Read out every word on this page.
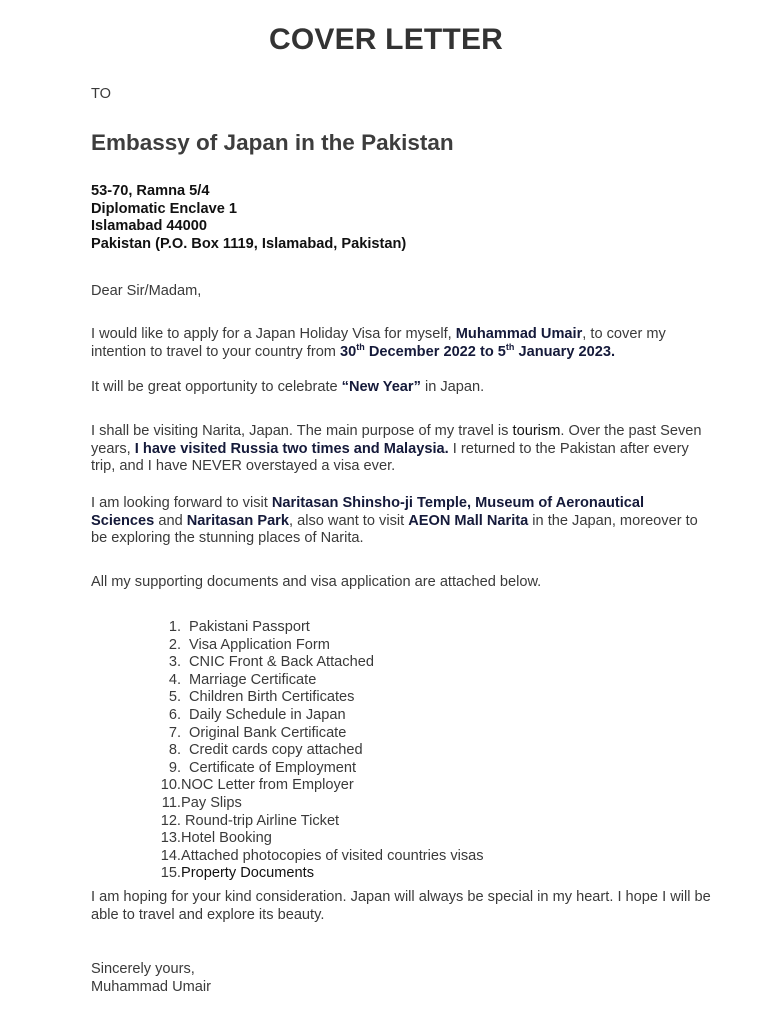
COVER LETTER
TO
Embassy of Japan in the Pakistan
53-70, Ramna 5/4
Diplomatic Enclave 1
Islamabad 44000
Pakistan (P.O. Box 1119, Islamabad, Pakistan)
Dear Sir/Madam,
I would like to apply for a Japan Holiday Visa for myself, Muhammad Umair, to cover my intention to travel to your country from 30th December 2022 to 5th January 2023.
It will be great opportunity to celebrate “New Year” in Japan.
I shall be visiting Narita, Japan. The main purpose of my travel is tourism. Over the past Seven years, I have visited Russia two times and Malaysia. I returned to the Pakistan after every trip, and I have NEVER overstayed a visa ever.
I am looking forward to visit Naritasan Shinsho-ji Temple, Museum of Aeronautical Sciences and Naritasan Park, also want to visit AEON Mall Narita in the Japan, moreover to be exploring the stunning places of Narita.
All my supporting documents and visa application are attached below.
1. Pakistani Passport
2. Visa Application Form
3. CNIC Front & Back Attached
4. Marriage Certificate
5. Children Birth Certificates
6. Daily Schedule in Japan
7. Original Bank Certificate
8. Credit cards copy attached
9. Certificate of Employment
10. NOC Letter from Employer
11. Pay Slips
12. Round-trip Airline Ticket
13. Hotel Booking
14. Attached photocopies of visited countries visas
15. Property Documents
I am hoping for your kind consideration. Japan will always be special in my heart. I hope I will be able to travel and explore its beauty.
Sincerely yours,
Muhammad Umair
